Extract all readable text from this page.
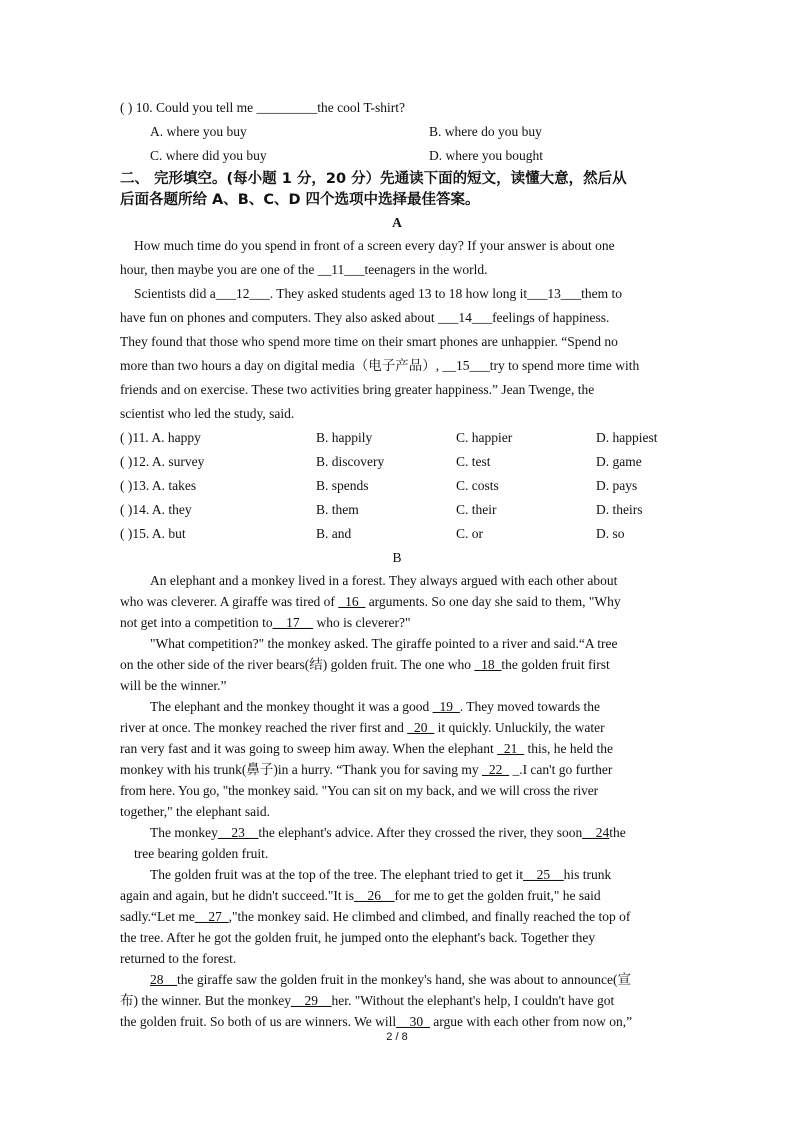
( ) 10. Could you tell me _________the cool T-shirt?
A. where you buy	B. where do you buy
C. where did you buy	D. where you bought
二、 完形填空。(每小题 1 分，20 分）先通读下面的短文，读懂大意，然后从
后面各题所给 A、B、C、D 四个选项中选择最佳答案。
A
How much time do you spend in front of a screen every day? If your answer is about one
hour, then maybe you are one of the __11___teenagers in the world.
Scientists did a___12___. They asked students aged 13 to 18 how long it___13___them to
have fun on phones and computers. They also asked about ___14___feelings of happiness.
They found that those who spend more time on their smart phones are unhappier. “Spend no
more than two hours a day on digital media（电子产品）, __15___try to spend more time with
friends and on exercise. These two activities bring greater happiness.” Jean Twenge, the
scientist who led the study, said.
( )11. A. happy	B. happily	C. happier	D. happiest
( )12. A. survey	B. discovery	C. test	D. game
( )13. A. takes	B. spends	C. costs	D. pays
( )14. A. they	B. them	C. their	D. theirs
( )15. A. but	B. and	C. or	D. so
B
An elephant and a monkey lived in a forest. They always argued with each other about
who was cleverer. A giraffe was tired of _16_ arguments. So one day she said to them, "Why
not get into a competition to__17__ who is cleverer?"
"What competition?" the monkey asked. The giraffe pointed to a river and said.“A tree
on the other side of the river bears(结) golden fruit. The one who _18_the golden fruit first
will be the winner.”
The elephant and the monkey thought it was a good _19_. They moved towards the
river at once. The monkey reached the river first and _20_ it quickly. Unluckily, the water
ran very fast and it was going to sweep him away. When the elephant _21_ this, he held the
monkey with his trunk(鼻子)in a hurry. “Thank you for saving my _22_ _.I can't go further
from here. You go, "the monkey said. "You can sit on my back, and we will cross the river
together," the elephant said.
The monkey__23__the elephant's advice. After they crossed the river, they soon__24the
tree bearing golden fruit.
The golden fruit was at the top of the tree. The elephant tried to get it__25__his trunk
again and again, but he didn't succeed."It is__26__for me to get the golden fruit," he said
sadly.“Let me__27_,"the monkey said. He climbed and climbed, and finally reached the top of
the tree. After he got the golden fruit, he jumped onto the elephant's back. Together they
returned to the forest.
28__the giraffe saw the golden fruit in the monkey's hand, she was about to announce(宣
布) the winner. But the monkey__29__her. "Without the elephant's help, I couldn't have got
the golden fruit. So both of us are winners. We will__30_ argue with each other from now on,”
2 / 8
